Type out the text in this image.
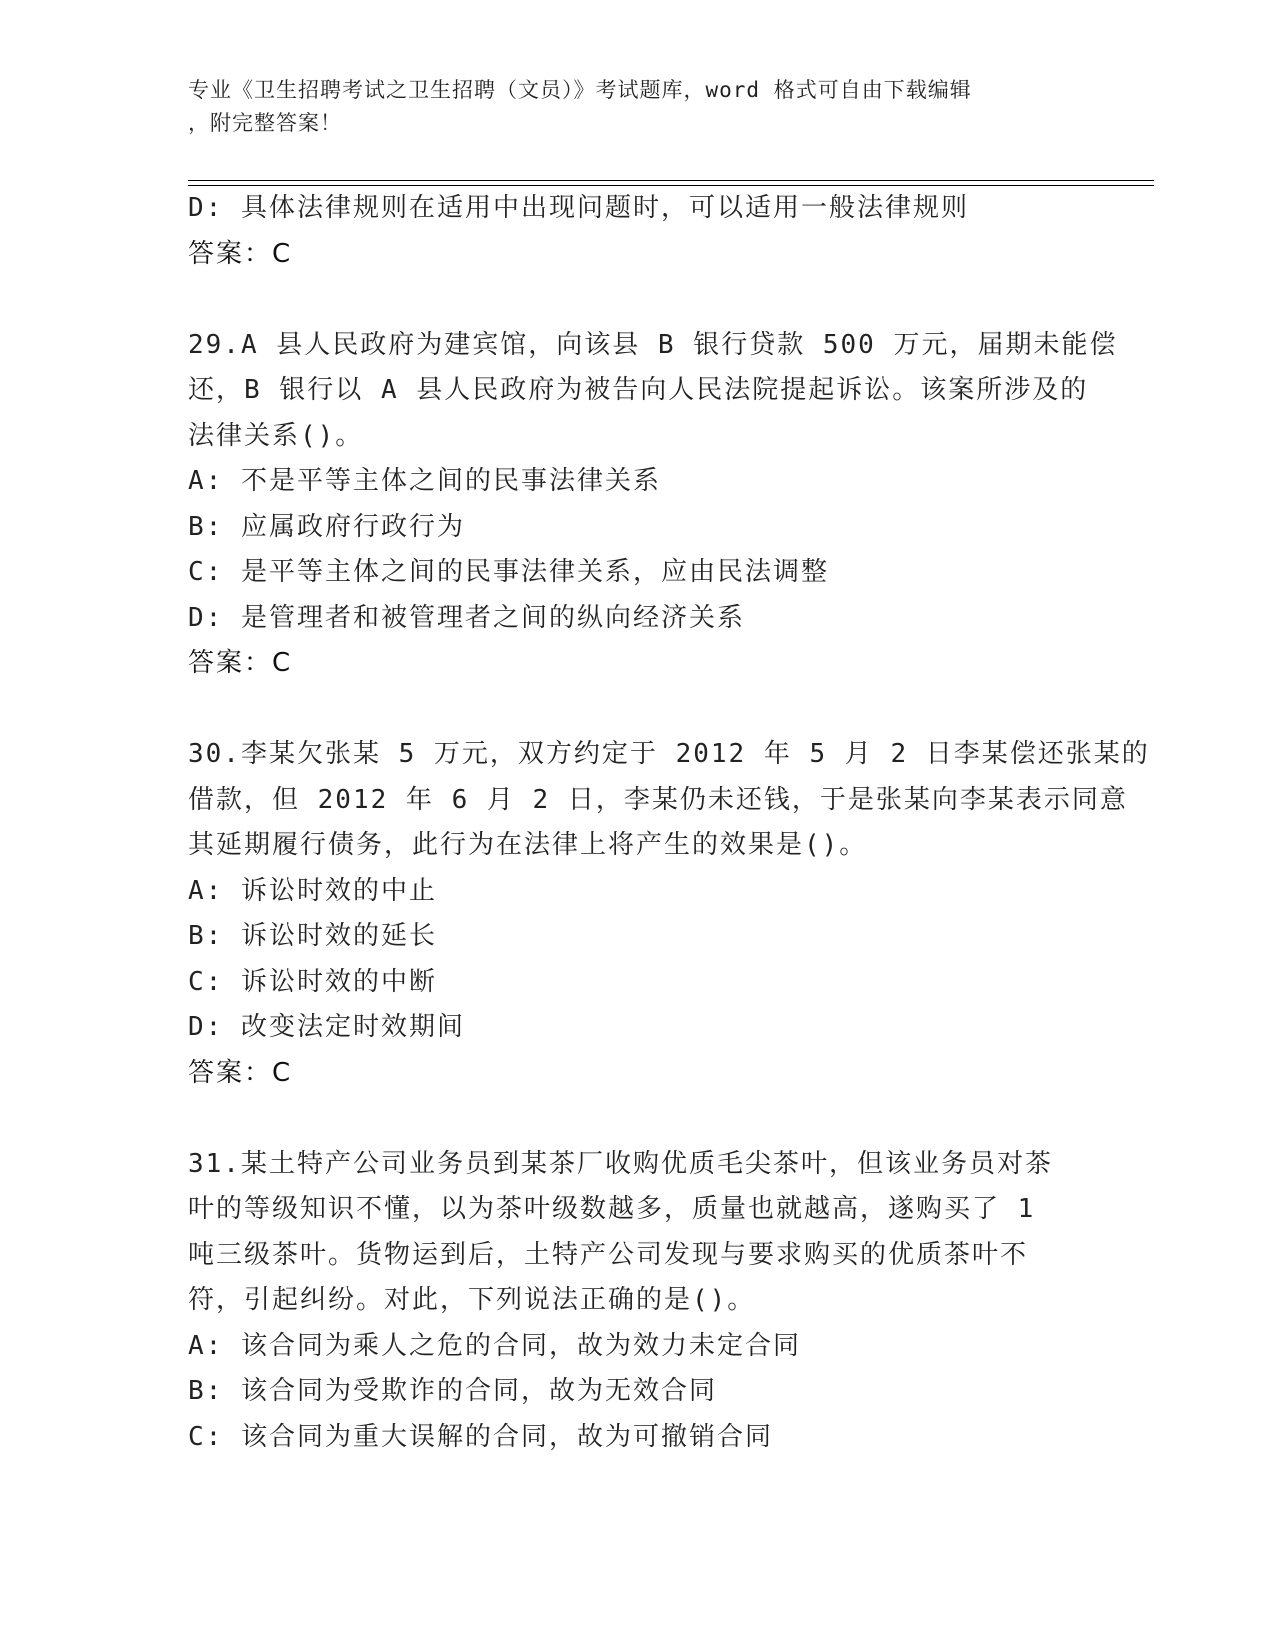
专业《卫生招聘考试之卫生招聘（文员）》考试题库，word 格式可自由下载编辑
，附完整答案！
D: 具体法律规则在适用中出现问题时，可以适用一般法律规则
答案：C
29.A 县人民政府为建宾馆，向该县 B 银行贷款 500 万元，届期未能偿
还，B 银行以 A 县人民政府为被告向人民法院提起诉讼。该案所涉及的
法律关系()。
A: 不是平等主体之间的民事法律关系
B: 应属政府行政行为
C: 是平等主体之间的民事法律关系，应由民法调整
D: 是管理者和被管理者之间的纵向经济关系
答案：C
30.李某欠张某 5 万元，双方约定于 2012 年 5 月 2 日李某偿还张某的
借款，但 2012 年 6 月 2 日，李某仍未还钱，于是张某向李某表示同意
其延期履行债务，此行为在法律上将产生的效果是()。
A: 诉讼时效的中止
B: 诉讼时效的延长
C: 诉讼时效的中断
D: 改变法定时效期间
答案：C
31.某土特产公司业务员到某茶厂收购优质毛尖茶叶，但该业务员对茶
叶的等级知识不懂，以为茶叶级数越多，质量也就越高，遂购买了 1
吨三级茶叶。货物运到后，土特产公司发现与要求购买的优质茶叶不
符，引起纠纷。对此，下列说法正确的是()。
A: 该合同为乘人之危的合同，故为效力未定合同
B: 该合同为受欺诈的合同，故为无效合同
C: 该合同为重大误解的合同，故为可撤销合同
